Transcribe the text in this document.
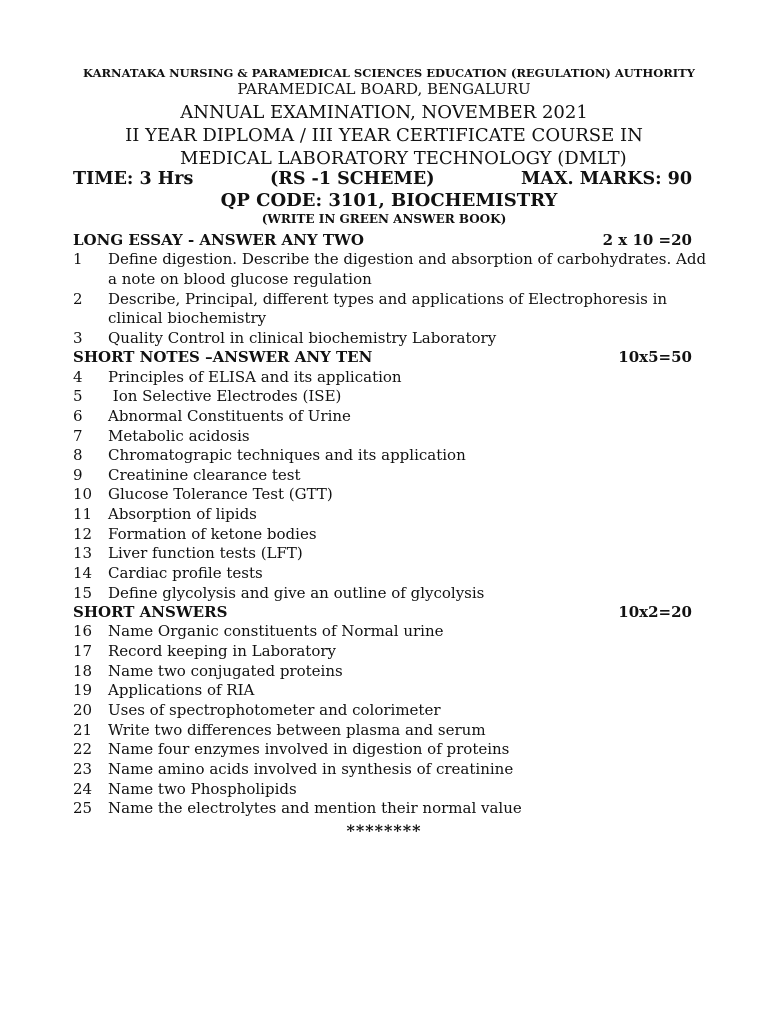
KARNATAKA NURSING & PARAMEDICAL SCIENCES EDUCATION (REGULATION) AUTHORITY
PARAMEDICAL BOARD, BENGALURU
ANNUAL EXAMINATION, NOVEMBER 2021
II YEAR DIPLOMA / III YEAR CERTIFICATE COURSE IN
MEDICAL LABORATORY TECHNOLOGY (DMLT)
TIME: 3 Hrs	(RS -1 SCHEME)	MAX. MARKS: 90
QP CODE: 3101, BIOCHEMISTRY
(WRITE IN GREEN ANSWER BOOK)
LONG ESSAY - ANSWER ANY TWO	2 x 10 =20
1 Define digestion. Describe the digestion and absorption of carbohydrates. Add
a note on blood glucose regulation
2 Describe, Principal, different types and applications of Electrophoresis in
clinical biochemistry
3 Quality Control in clinical biochemistry Laboratory
SHORT NOTES –ANSWER ANY TEN	10x5=50
4 Principles of ELISA and its application
5 Ion Selective Electrodes (ISE)
6 Abnormal Constituents of Urine
7 Metabolic acidosis
8 Chromatograpic techniques and its application
9 Creatinine clearance test
10 Glucose Tolerance Test (GTT)
11 Absorption of lipids
12 Formation of ketone bodies
13 Liver function tests (LFT)
14 Cardiac profile tests
15 Define glycolysis and give an outline of glycolysis
SHORT ANSWERS	10x2=20
16 Name Organic constituents of Normal urine
17 Record keeping in Laboratory
18 Name two conjugated proteins
19 Applications of RIA
20 Uses of spectrophotometer and colorimeter
21 Write two differences between plasma and serum
22 Name four enzymes involved in digestion of proteins
23 Name amino acids involved in synthesis of creatinine
24 Name two Phospholipids
25 Name the electrolytes and mention their normal value
********
